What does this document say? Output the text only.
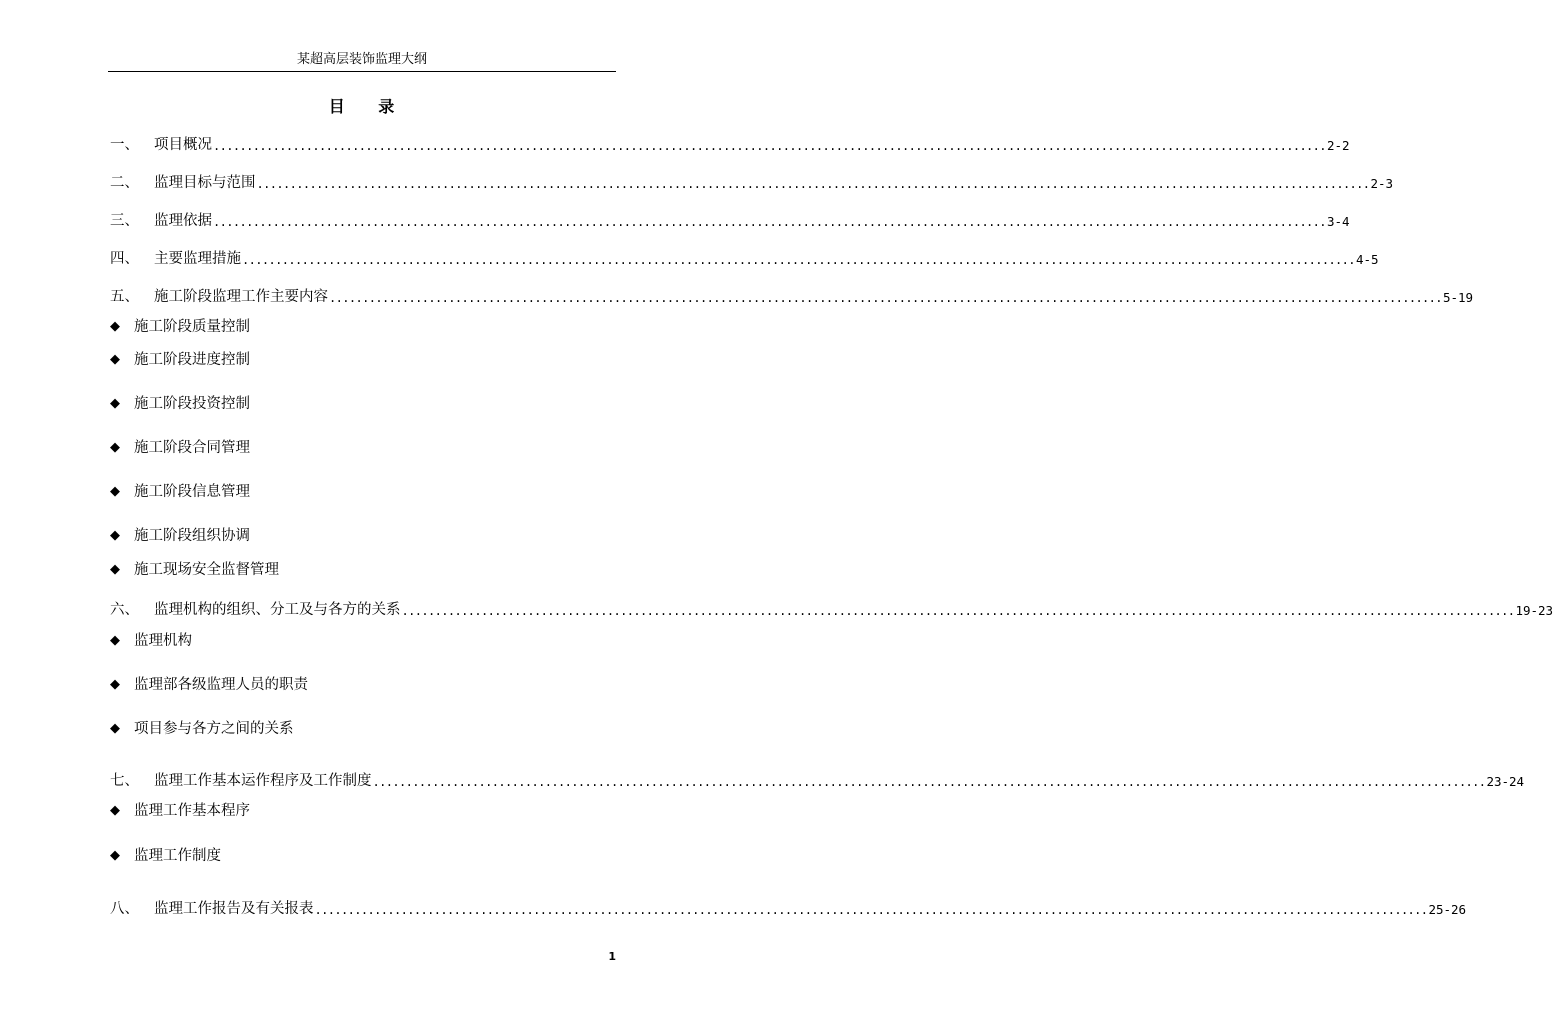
某超高层装饰监理大纲
目 录
一、	项目概况 ........................................................................................................................................................................ 2-2
二、	监理目标与范围 ........................................................................................................................................................................ 2-3
三、	监理依据 ........................................................................................................................................................................ 3-4
四、	主要监理措施 ........................................................................................................................................................................ 4-5
五、	施工阶段监理工作主要内容 ........................................................................................................................................................................ 5-19
◆ 施工阶段质量控制
◆ 施工阶段进度控制
◆ 施工阶段投资控制
◆ 施工阶段合同管理
◆ 施工阶段信息管理
◆ 施工阶段组织协调
◆ 施工现场安全监督管理
六、	监理机构的组织、分工及与各方的关系 ........................................................................................................................................................................ 19-23
◆ 监理机构
◆ 监理部各级监理人员的职责
◆ 项目参与各方之间的关系
七、	监理工作基本运作程序及工作制度 ........................................................................................................................................................................ 23-24
◆ 监理工作基本程序
◆ 监理工作制度
八、	监理工作报告及有关报表 ........................................................................................................................................................................ 25-26
1
